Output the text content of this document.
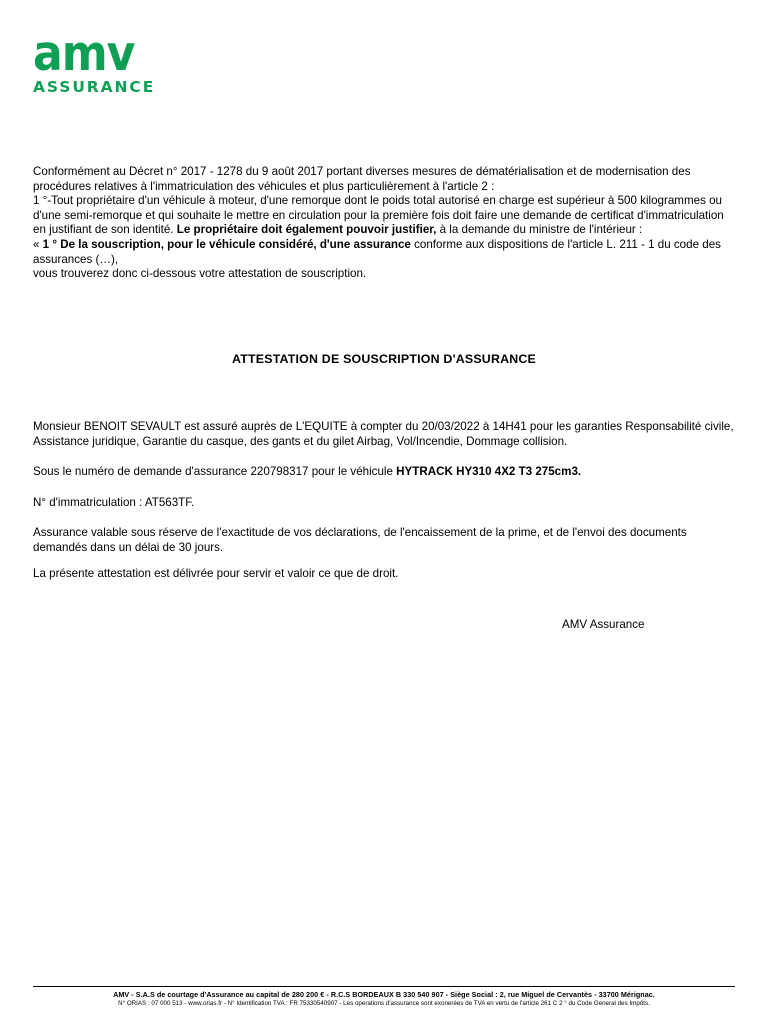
amv
ASSURANCE

Conformément au Décret n° 2017 - 1278 du 9 août 2017 portant diverses mesures de dématérialisation et de modernisation des

procédures relatives à l'immatriculation des véhicules et plus particulièrement à l'article 2 :

1 °-Tout propriétaire d'un véhicule à moteur, d'une remorque dont le poids total autorisé en charge est supérieur à 500 kilogrammes ou

d'une semi-remorque et qui souhaite le mettre en circulation pour la première fois doit faire une demande de certificat d'immatriculation

en justifiant de son identité. Le propriétaire doit également pouvoir justifier, à la demande du ministre de l'intérieur :

« 1 ° De la souscription, pour le véhicule considéré, d'une assurance conforme aux dispositions de l'article L. 211 - 1 du code des

assurances (…),

vous trouverez donc ci-dessous votre attestation de souscription.

ATTESTATION DE SOUSCRIPTION D'ASSURANCE

Monsieur BENOIT SEVAULT est assuré auprès de L'EQUITE à compter du 20/03/2022 à 14H41 pour les garanties Responsabilité civile, Assistance juridique, Garantie du casque, des gants et du gilet Airbag, Vol/Incendie, Dommage collision.

Sous le numéro de demande d'assurance 220798317 pour le véhicule HYTRACK HY310 4X2 T3 275cm3.

N° d'immatriculation : AT563TF.

Assurance valable sous réserve de l'exactitude de vos déclarations, de l'encaissement de la prime, et de l'envoi des documents demandés dans un délai de 30 jours.

La présente attestation est délivrée pour servir et valoir ce que de droit.
AMV Assurance
AMV - S.A.S de courtage d'Assurance au capital de 280 200 € - R.C.S BORDEAUX B 330 540 907 - Siège Social : 2, rue Miguel de Cervantès - 33700 Mérignac.
N° ORIAS : 07 000 513 - www.orias.fr - N° Identification TVA : FR 75330540907 - Les operations d'assurance sont exonerées de TVA en vertu de l'article 261 C 2 ° du Code General des Impôts.
